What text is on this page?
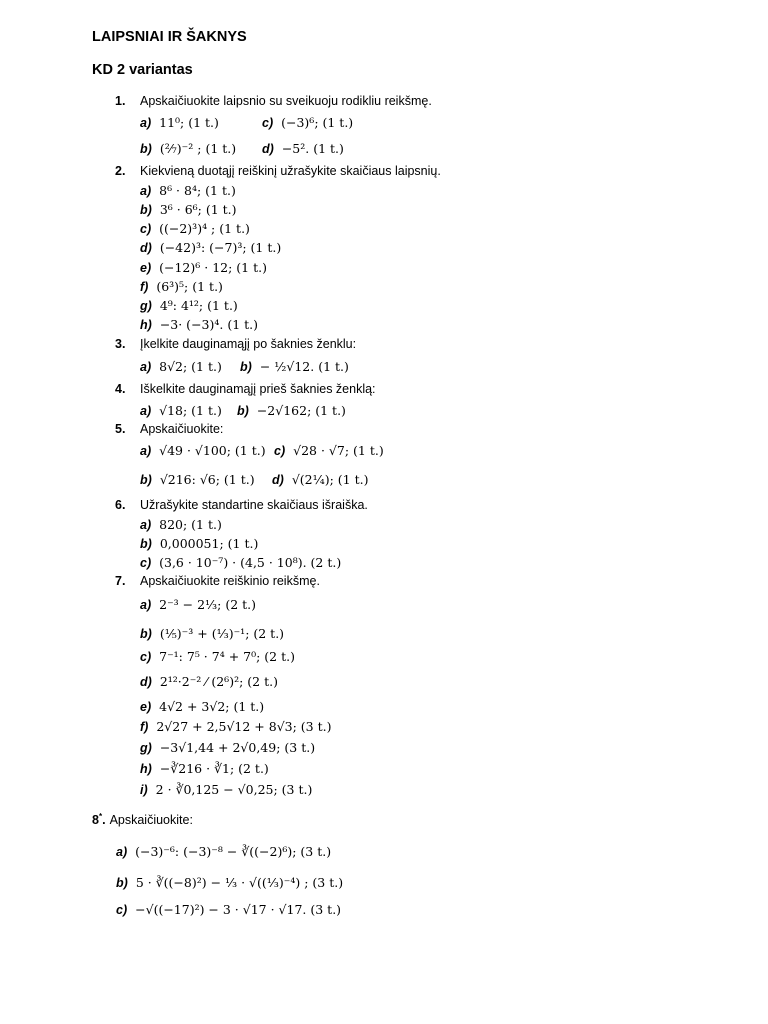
LAIPSNIAI IR ŠAKNYS
KD 2 variantas
1. Apskaičiuokite laipsnio su sveikuoju rodikliu reikšmę.
a) 11⁰; (1 t.)	c) (−3)⁶; (1 t.)
b) (²⁄₇)⁻² ; (1 t.) d) −5². (1 t.)
2. Kiekvieną duotąjį reiškinį užrašykite skaičiaus laipsnių.
a) 8⁶ · 8⁴; (1 t.)
b) 3⁶ · 6⁶; (1 t.)
c) ((−2)³)⁴ ; (1 t.)
d) (−42)³: (−7)³; (1 t.)
e) (−12)⁶ · 12; (1 t.)
f) (6³)⁵; (1 t.)
g) 4⁹: 4¹²; (1 t.)
h) −3· (−3)⁴. (1 t.)
3. Įkelkite dauginamąjį po šaknies ženklu:
a) 8√2; (1 t.) b) − ½√12. (1 t.)
4. Iškelkite dauginamąjį prieš šaknies ženklą:
a) √18; (1 t.) b) −2√162; (1 t.)
5. Apskaičiuokite:
a) √49 · √100; (1 t.) c) √28 · √7; (1 t.)
b) √216: √6; (1 t.) d) √(2¼); (1 t.)
6. Užrašykite standartine skaičiaus išraiška.
a) 820; (1 t.)
b) 0,000051; (1 t.)
c) (3,6 · 10⁻⁷) · (4,5 · 10⁸). (2 t.)
7. Apskaičiuokite reiškinio reikšmę.
a) 2⁻³ − 2⅓; (2 t.)
b) (⅕)⁻³ + (⅓)⁻¹; (2 t.)
c) 7⁻¹: 7⁵ · 7⁴ + 7⁰; (2 t.)
d) 2¹²·2⁻² ⁄ (2⁶)²; (2 t.)
e) 4√2 + 3√2; (1 t.)
f) 2√27 + 2,5√12 + 8√3; (3 t.)
g) −3√1,44 + 2√0,49; (3 t.)
h) −∛216 · ∛1; (2 t.)
i) 2 · ∛0,125 − √0,25; (3 t.)
8*. Apskaičiuokite:
a) (−3)⁻⁶: (−3)⁻⁸ − ∛((−2)⁶); (3 t.)
b) 5 · ∛((−8)²) − ⅓ · √((⅓)⁻⁴) ; (3 t.)
c) −√((−17)²) − 3 · √17 · √17. (3 t.)
